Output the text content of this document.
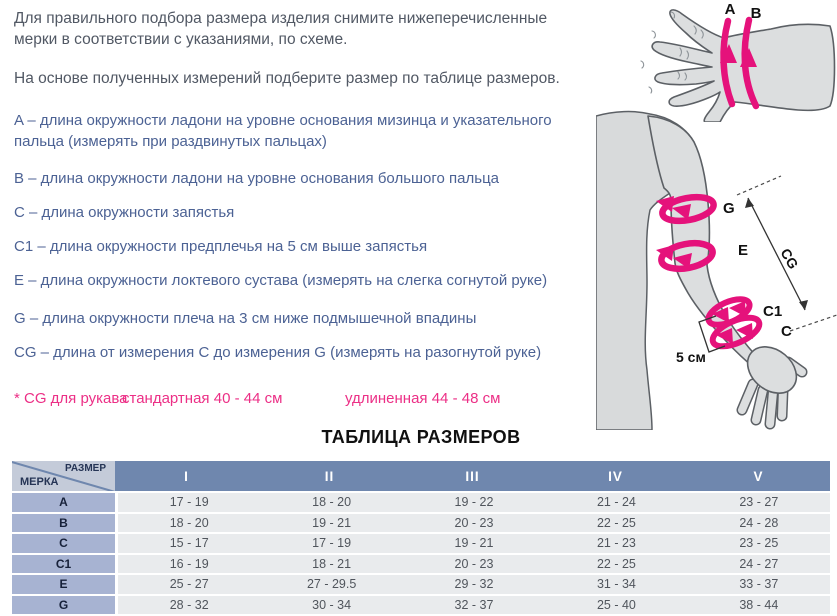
Для правильного подбора размера изделия снимите нижеперечисленные мерки в соответствии с указаниями, по схеме.
На основе полученных измерений подберите размер по таблице размеров.
A – длина окружности ладони на уровне основания мизинца и указательного пальца (измерять при раздвинутых пальцах)
B – длина окружности ладони на уровне основания большого пальца
C – длина окружности запястья
C1 – длина окружности предплечья на 5 см выше запястья
E – длина окружности локтевого сустава (измерять на слегка согнутой руке)
G – длина окружности плеча на 3 см ниже подмышечной впадины
CG – длина от измерения C до измерения G (измерять на разогнутой руке)
* CG для рукава
стандартная 40 - 44 см	удлиненная 44 - 48 см
A B
G
E
C1
C
CG
5 см
ТАБЛИЦА РАЗМЕРОВ
РАЗМЕР
МЕРКА	I	II	III	IV	V
A	17 - 19	18 - 20	19 - 22	21 - 24	23 - 27
B	18 - 20	19 - 21	20 - 23	22 - 25	24 - 28
C	15 - 17	17 - 19	19 - 21	21 - 23	23 - 25
C1	16 - 19	18 - 21	20 - 23	22 - 25	24 - 27
E	25 - 27	27 - 29.5	29 - 32	31 - 34	33 - 37
G	28 - 32	30 - 34	32 - 37	25 - 40	38 - 44
